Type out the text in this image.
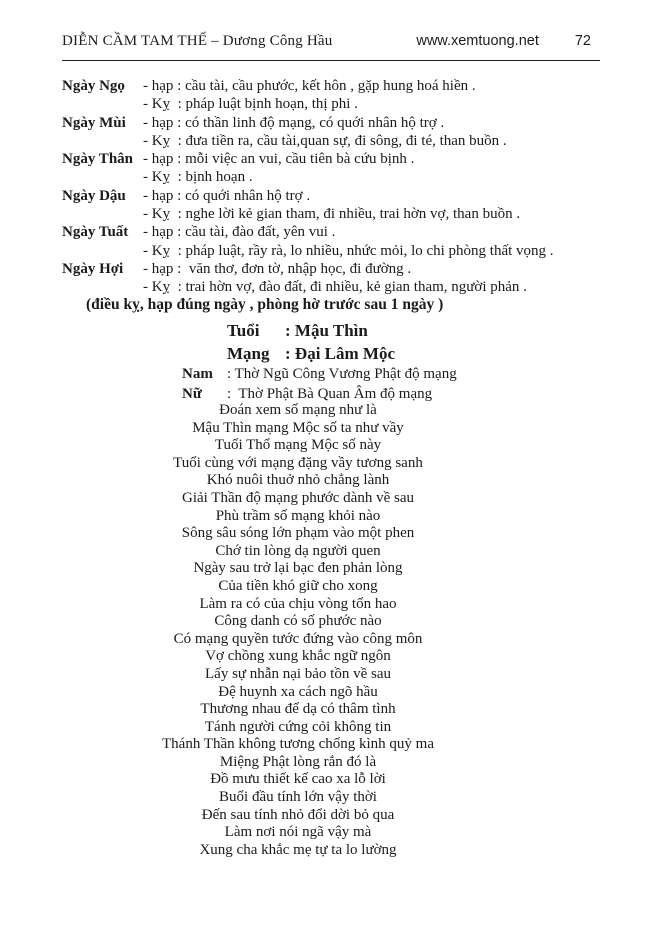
DIỄN CẦM TAM THẾ – Dương Công Hầu	www.xemtuong.net 72
Ngày Ngọ	- hạp : cầu tài, cầu phước, kết hôn , gặp hung hoá hiền .
- Kỵ  : pháp luật bịnh hoạn, thị phi .
Ngày Mùi	- hạp : có thần linh độ mạng, có quới nhân hộ trợ .
- Kỵ  : đưa tiền ra, cầu tài,quan sự, đi sông, đi té, than buồn .
Ngày Thân - hạp : mỗi việc an vui, cầu tiên bà cứu bịnh .
- Kỵ  : bịnh hoạn .
Ngày Dậu	- hạp : có quới nhân hộ trợ .
- Kỵ  : nghe lời kẻ gian tham, đi nhiều, trai hờn vợ, than buồn .
Ngày Tuất - hạp : cầu tài, đào đất, yên vui .
- Kỵ  : pháp luật, rầy rà, lo nhiều, nhức mỏi, lo chi phòng thất vọng .
Ngày Hợi	- hạp :  văn thơ, đơn tờ, nhập học, đi đường .
- Kỵ  : trai hờn vợ, đào đất, đi nhiều, kẻ gian tham, người phản .
(điều kỵ, hạp đúng ngày , phòng hờ trước sau 1 ngày )
Tuổi	: Mậu Thìn
Mạng : Đại Lâm Mộc
Nam : Thờ Ngũ Công Vương Phật độ mạng
Nữ	:  Thờ Phật Bà Quan Âm độ mạng
Đoán xem số mạng như là
Mậu Thìn mạng Mộc số ta như vầy
Tuổi Thổ mạng Mộc số này
Tuổi cùng với mạng đặng vầy tương sanh
Khó nuôi thuở nhỏ chẳng lành
Giải Thần độ mạng phước dành về sau
Phù trầm số mạng khỏi nào
Sông sâu sóng lớn phạm vào một phen
Chớ tin lòng dạ người quen
Ngày sau trở lại bạc đen phản lòng
Của tiền khó giữ cho xong
Làm ra có của chịu vòng tổn hao
Công danh có số phước nào
Có mạng quyền tước đứng vào công môn
Vợ chồng xung khắc ngữ ngôn
Lấy sự nhẫn nại bảo tồn về sau
Đệ huynh xa cách ngõ hầu
Thương nhau để dạ có thâm tình
Tánh người cứng cỏi không tin
Thánh Thần không tương chống kình quỷ ma
Miệng Phật lòng rắn đó là
Đồ mưu thiết kế cao xa lỗ lời
Buổi đầu tính lớn vậy thời
Đến sau tính nhỏ đổi dời bỏ qua
Làm nơi nói ngã vậy mà
Xung cha khắc mẹ tự ta lo lường
